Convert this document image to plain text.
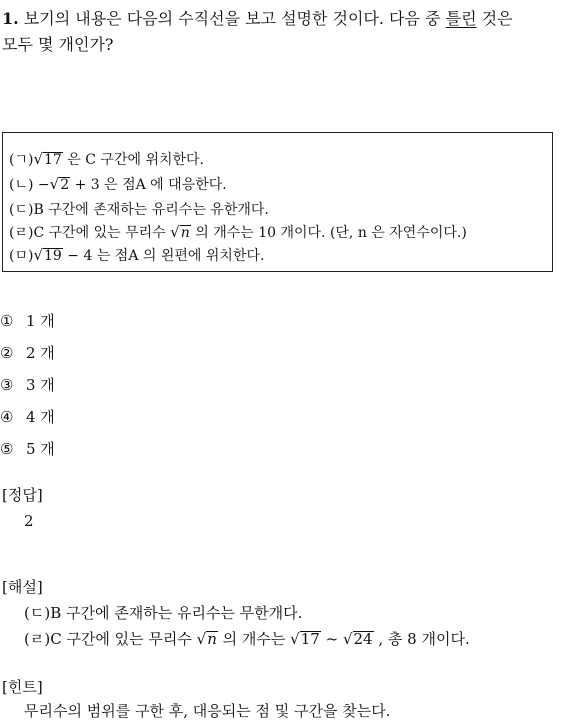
1. 보기의 내용은 다음의 수직선을 보고 설명한 것이다. 다음 중 틀린 것은
모두 몇 개인가?
(ㄱ)√17 은 C 구간에 위치한다.
(ㄴ) −√2 + 3 은 점A 에 대응한다.
(ㄷ)B 구간에 존재하는 유리수는 유한개다.
(ㄹ)C 구간에 있는 무리수 √n 의 개수는 10 개이다. (단, n 은 자연수이다.)
(ㅁ)√19 − 4 는 점A 의 왼편에 위치한다.
① 1 개
② 2 개
③ 3 개
④ 4 개
⑤ 5 개
[정답]
2
[해설]
(ㄷ)B 구간에 존재하는 유리수는 무한개다.
(ㄹ)C 구간에 있는 무리수 √n 의 개수는 √17 ~ √24 , 총 8 개이다.
[힌트]
무리수의 범위를 구한 후, 대응되는 점 및 구간을 찾는다.
